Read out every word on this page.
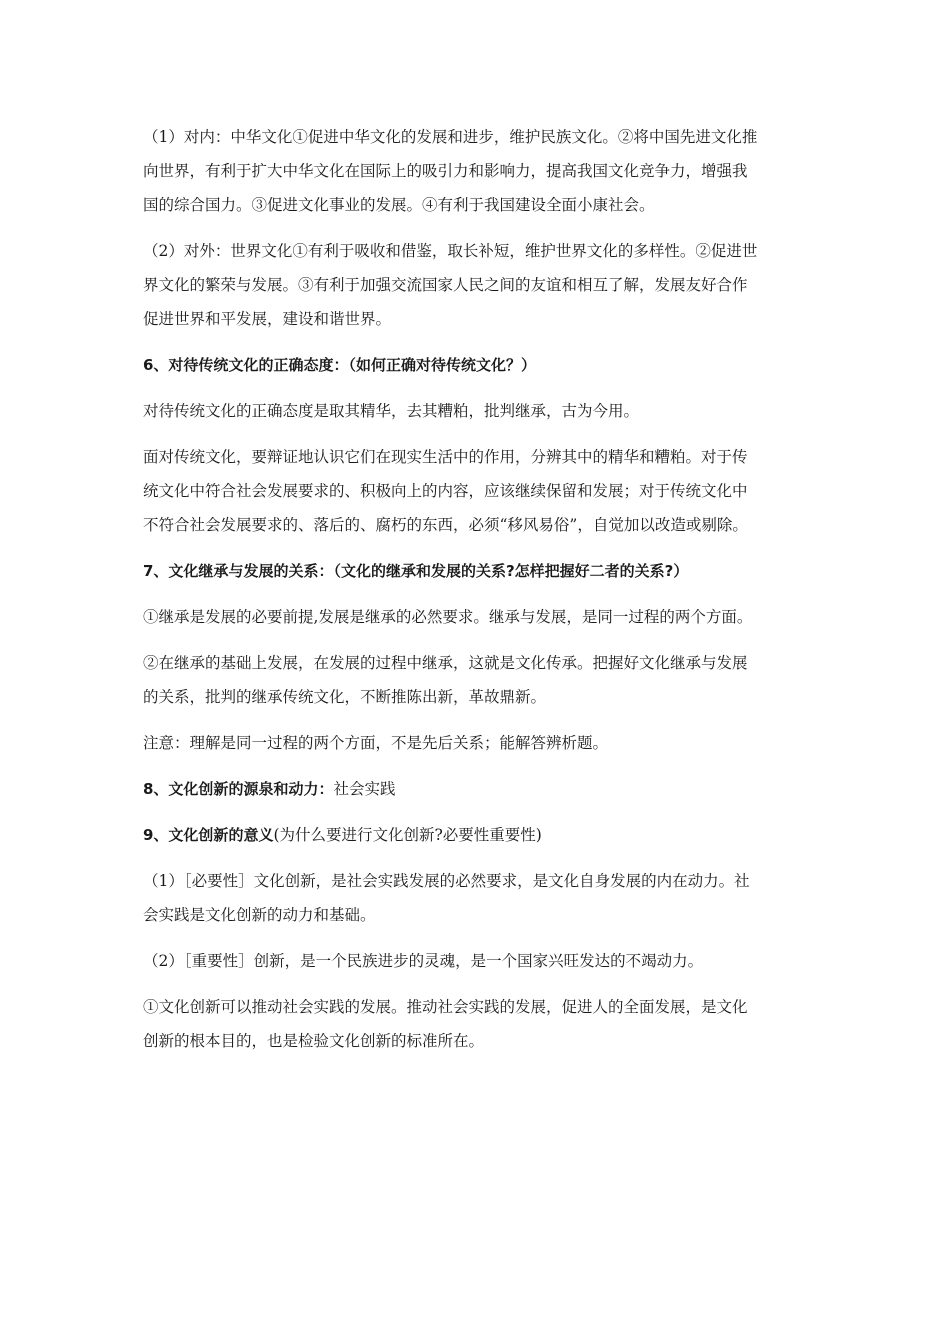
（1）对内：中华文化①促进中华文化的发展和进步，维护民族文化。②将中国先进文化推
向世界，有利于扩大中华文化在国际上的吸引力和影响力，提高我国文化竞争力，增强我
国的综合国力。③促进文化事业的发展。④有利于我国建设全面小康社会。
（2）对外：世界文化①有利于吸收和借鉴，取长补短，维护世界文化的多样性。②促进世
界文化的繁荣与发展。③有利于加强交流国家人民之间的友谊和相互了解，发展友好合作
促进世界和平发展，建设和谐世界。
6、对待传统文化的正确态度：（如何正确对待传统文化？）
对待传统文化的正确态度是取其精华，去其糟粕，批判继承，古为今用。
面对传统文化，要辩证地认识它们在现实生活中的作用，分辨其中的精华和糟粕。对于传
统文化中符合社会发展要求的、积极向上的内容，应该继续保留和发展；对于传统文化中
不符合社会发展要求的、落后的、腐朽的东西，必须“移风易俗”，自觉加以改造或剔除。
7、文化继承与发展的关系：（文化的继承和发展的关系?怎样把握好二者的关系?）
①继承是发展的必要前提,发展是继承的必然要求。继承与发展，是同一过程的两个方面。
②在继承的基础上发展，在发展的过程中继承，这就是文化传承。把握好文化继承与发展
的关系，批判的继承传统文化，不断推陈出新，革故鼎新。
注意：理解是同一过程的两个方面，不是先后关系；能解答辨析题。
8、文化创新的源泉和动力：社会实践
9、文化创新的意义(为什么要进行文化创新?必要性重要性)
（1）［必要性］文化创新，是社会实践发展的必然要求，是文化自身发展的内在动力。社
会实践是文化创新的动力和基础。
（2）［重要性］创新，是一个民族进步的灵魂，是一个国家兴旺发达的不竭动力。
①文化创新可以推动社会实践的发展。推动社会实践的发展，促进人的全面发展，是文化
创新的根本目的，也是检验文化创新的标准所在。
